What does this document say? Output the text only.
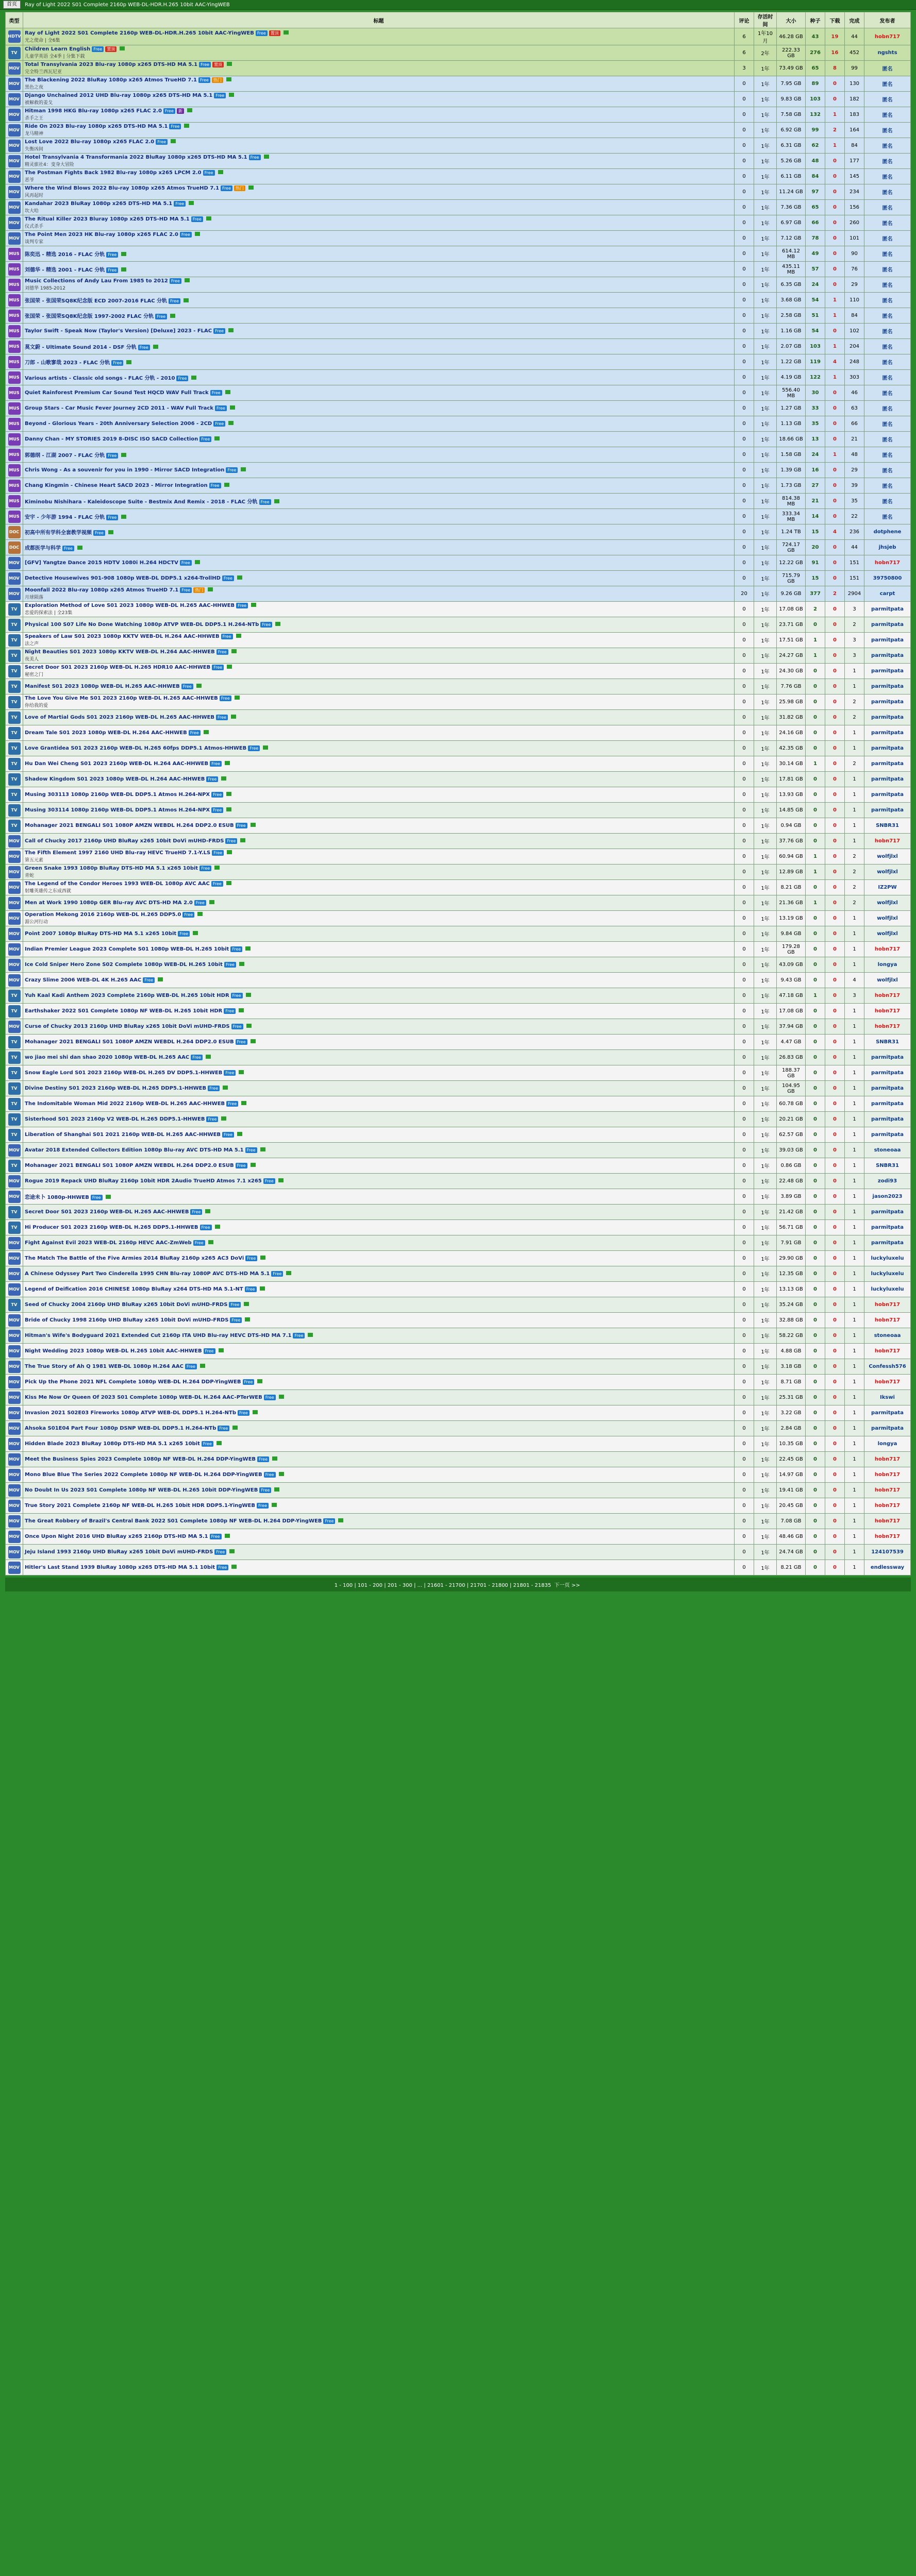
首页	Ray of Light 2022 S01 Complete 2160p WEB-DL-HDR.H.265 10bit AAC-YingWEB
类型	标题	评论	存活时间	大小	种子	下载	完成	发布者
HDTV	Ray of Light 2022 S01 Complete 2160p WEB-DL-HDR.H.265 10bit AAC-YingWEB Free 置顶
光之使命 | 全6集	6	1年10月	46.28 GB	43	19	44	hobn717
TV	Children Learn English Free 置顶
儿童学英语 全4季 | 分集下载	6	2年	222.33 GB	276	16	452	ngshts
MOV	Total Transylvania 2023 Blu-ray 1080p x265 DTS-HD MA 5.1 Free 置顶
完全特兰西瓦尼亚	3	1年	73.49 GB	65	8	99	匿名
MOV	The Blackening 2022 BluRay 1080p x265 Atmos TrueHD 7.1 Free 热门
黑色之夜	0	1年	7.95 GB	89	0	130	匿名
MOV	Django Unchained 2012 UHD Blu-ray 1080p x265 DTS-HD MA 5.1 Free
被解救的姜戈	0	1年	9.83 GB	103	0	182	匿名
MOV	Hitman 1998 HKG Blu-ray 1080p x265 FLAC 2.0 Free 新
杀手之王	0	1年	7.58 GB	132	1	183	匿名
MOV	Ride On 2023 Blu-ray 1080p x265 DTS-HD MA 5.1 Free
龙马精神	0	1年	6.92 GB	99	2	164	匿名
MOV	Lost Love 2022 Blu-ray 1080p x265 FLAC 2.0 Free
失衡凶间	0	1年	6.31 GB	62	1	84	匿名
MOV	Hotel Transylvania 4 Transformania 2022 BluRay 1080p x265 DTS-HD MA 5.1 Free
精灵旅社4：变身大冒险	0	1年	5.26 GB	48	0	177	匿名
MOV	The Postman Fights Back 1982 Blu-ray 1080p x265 LPCM 2.0 Free
恶爷	0	1年	6.11 GB	84	0	145	匿名
MOV	Where the Wind Blows 2022 Blu-ray 1080p x265 Atmos TrueHD 7.1 Free 热门
风再起时	0	1年	11.24 GB	97	0	234	匿名
MOV	Kandahar 2023 BluRay 1080p x265 DTS-HD MA 5.1 Free
坎大哈	0	1年	7.36 GB	65	0	156	匿名
MOV	The Ritual Killer 2023 Bluray 1080p x265 DTS-HD MA 5.1 Free
仪式杀手	0	1年	6.97 GB	66	0	260	匿名
MOV	The Point Men 2023 HK Blu-ray 1080p x265 FLAC 2.0 Free
谈判专家	0	1年	7.12 GB	78	0	101	匿名
MUS	陈奕迅 - 精选 2016 - FLAC 分轨 Free	0	1年	614.12 MB	49	0	90	匿名
MUS	刘德华 - 精选 2001 - FLAC 分轨 Free	0	1年	435.11 MB	57	0	76	匿名
MUS	Music Collections of Andy Lau From 1985 to 2012 Free
刘德华 1985-2012	0	1年	6.35 GB	24	0	29	匿名
MUS	张国荣 - 张国荣SQ8K纪念版 ECD 2007-2016 FLAC 分轨 Free	0	1年	3.68 GB	54	1	110	匿名
MUS	张国荣 - 张国荣SQ8K纪念版 1997-2002 FLAC 分轨 Free	0	1年	2.58 GB	51	1	84	匿名
MUS	Taylor Swift - Speak Now (Taylor's Version) [Deluxe] 2023 - FLAC Free	0	1年	1.16 GB	54	0	102	匿名
MUS	莫文蔚 - Ultimate Sound 2014 - DSF 分轨 Free	0	1年	2.07 GB	103	1	204	匿名
MUS	刀郎 - 山歌寥哉 2023 - FLAC 分轨 Free	0	1年	1.22 GB	119	4	248	匿名
MUS	Various artists - Classic old songs - FLAC 分轨 - 2010 Free	0	1年	4.19 GB	122	1	303	匿名
MUS	Quiet Rainforest Premium Car Sound Test HQCD WAV Full Track Free	0	1年	556.40 MB	30	0	46	匿名
MUS	Group Stars - Car Music Fever Journey 2CD 2011 - WAV Full Track Free	0	1年	1.27 GB	33	0	63	匿名
MUS	Beyond - Glorious Years - 20th Anniversary Selection 2006 - 2CD Free	0	1年	1.13 GB	35	0	66	匿名
MUS	Danny Chan - MY STORIES 2019 8-DISC ISO SACD Collection Free	0	1年	18.66 GB	13	0	21	匿名
MUS	郭德纲 - 江湖 2007 - FLAC 分轨 Free	0	1年	1.58 GB	24	1	48	匿名
MUS	Chris Wong - As a souvenir for you in 1990 - Mirror SACD Integration Free	0	1年	1.39 GB	16	0	29	匿名
MUS	Chang Kingmin - Chinese Heart SACD 2023 - Mirror Integration Free	0	1年	1.73 GB	27	0	39	匿名
MUS	Kiminobu Nishihara - Kaleidoscope Suite - Bestmix And Remix - 2018 - FLAC 分轨 Free	0	1年	814.38 MB	21	0	35	匿名
MUS	安宇 - 少年游 1994 - FLAC 分轨 Free	0	1年	333.34 MB	14	0	22	匿名
DOC	初高中所有学科全套教学视频 Free	0	1年	1.24 TB	15	4	236	dotphene
DOC	成都医学与科学 Free	0	1年	724.17 GB	20	0	44	jhsjeb
MOV	[GFV] Yangtze Dance 2015 HDTV 1080i H.264 HDCTV Free	0	1年	12.22 GB	91	0	151	hobn717
MOV	Detective Housewives 901-908 1080p WEB-DL DDP5.1 x264-TrollHD Free	0	1年	715.79 GB	15	0	151	39750800
MOV	Moonfall 2022 Blu-ray 1080p x265 Atmos TrueHD 7.1 Free 热门
月球陨落	20	1年	9.26 GB	377	2	2904	carpt
TV	Exploration Method of Love S01 2023 1080p WEB-DL H.265 AAC-HHWEB Free
恋爱的探索法 | 全23集	0	1年	17.08 GB	2	0	3	parmitpata
TV	Physical 100 S07 Life No Done Watching 1080p ATVP WEB-DL DDP5.1 H.264-NTb Free	0	1年	23.71 GB	0	0	2	parmitpata
TV	Speakers of Law S01 2023 1080p KKTV WEB-DL H.264 AAC-HHWEB Free
法之声	0	1年	17.51 GB	1	0	3	parmitpata
TV	Night Beauties S01 2023 1080p KKTV WEB-DL H.264 AAC-HHWEB Free
夜美人	0	1年	24.27 GB	1	0	3	parmitpata
TV	Secret Door S01 2023 2160p WEB-DL H.265 HDR10 AAC-HHWEB Free
秘密之门	0	1年	24.30 GB	0	0	1	parmitpata
TV	Manifest S01 2023 1080p WEB-DL H.265 AAC-HHWEB Free	0	1年	7.76 GB	0	0	1	parmitpata
TV	The Love You Give Me S01 2023 2160p WEB-DL H.265 AAC-HHWEB Free
你给我的爱	0	1年	25.98 GB	0	0	2	parmitpata
TV	Love of Martial Gods S01 2023 2160p WEB-DL H.265 AAC-HHWEB Free	0	1年	31.82 GB	0	0	2	parmitpata
TV	Dream Tale S01 2023 1080p WEB-DL H.264 AAC-HHWEB Free	0	1年	24.16 GB	0	0	1	parmitpata
TV	Love Grantidea S01 2023 2160p WEB-DL H.265 60fps DDP5.1 Atmos-HHWEB Free	0	1年	42.35 GB	0	0	1	parmitpata
TV	Hu Dan Wei Cheng S01 2023 2160p WEB-DL H.264 AAC-HHWEB Free	0	1年	30.14 GB	1	0	2	parmitpata
TV	Shadow Kingdom S01 2023 1080p WEB-DL H.264 AAC-HHWEB Free	0	1年	17.81 GB	0	0	1	parmitpata
TV	Musing 303113 1080p 2160p WEB-DL DDP5.1 Atmos H.264-NPX Free	0	1年	13.93 GB	0	0	1	parmitpata
TV	Musing 303114 1080p 2160p WEB-DL DDP5.1 Atmos H.264-NPX Free	0	1年	14.85 GB	0	0	1	parmitpata
TV	Mohanager 2021 BENGALI S01 1080P AMZN WEBDL H.264 DDP2.0 ESUB Free	0	1年	0.94 GB	0	0	1	SNBR31
MOV	Call of Chucky 2017 2160p UHD BluRay x265 10bit DoVi mUHD-FRDS Free	0	1年	37.76 GB	0	0	1	hobn717
MOV	The Fifth Element 1997 2160 UHD Blu-ray HEVC TrueHD 7.1-Y.LS Free
第五元素	0	1年	60.94 GB	1	0	2	wolfjlxl
MOV	Green Snake 1993 1080p BluRay DTS-HD MA 5.1 x265 10bit Free
青蛇	0	1年	12.89 GB	1	0	2	wolfjlxl
MOV	The Legend of the Condor Heroes 1993 WEB-DL 1080p AVC AAC Free
射雕英雄传之东成西就	0	1年	8.21 GB	0	0	2	IZ2PW
MOV	Men at Work 1990 1080p GER Blu-ray AVC DTS-HD MA 2.0 Free	0	1年	21.36 GB	1	0	2	wolfjlxl
MOV	Operation Mekong 2016 2160p WEB-DL H.265 DDP5.0 Free
湄公河行动	0	1年	13.19 GB	0	0	1	wolfjlxl
MOV	Point 2007 1080p BluRay DTS-HD MA 5.1 x265 10bit Free	0	1年	9.84 GB	0	0	1	wolfjlxl
MOV	Indian Premier League 2023 Complete S01 1080p WEB-DL H.265 10bit Free	0	1年	179.28 GB	0	0	1	hobn717
MOV	Ice Cold Sniper Hero Zone S02 Complete 1080p WEB-DL H.265 10bit Free	0	1年	43.09 GB	0	0	1	longya
MOV	Crazy Slime 2006 WEB-DL 4K H.265 AAC Free	0	1年	9.43 GB	0	0	4	wolfjlxl
TV	Yuh Kaal Kadi Anthem 2023 Complete 2160p WEB-DL H.265 10bit HDR Free	0	1年	47.18 GB	1	0	3	hobn717
TV	Earthshaker 2022 S01 Complete 1080p NF WEB-DL H.265 10bit HDR Free	0	1年	17.08 GB	0	0	1	hobn717
MOV	Curse of Chucky 2013 2160p UHD BluRay x265 10bit DoVi mUHD-FRDS Free	0	1年	37.94 GB	0	0	1	hobn717
TV	Mohanager 2021 BENGALI S01 1080P AMZN WEBDL H.264 DDP2.0 ESUB Free	0	1年	4.47 GB	0	0	1	SNBR31
TV	wo jiao mei shi dan shao 2020 1080p WEB-DL H.265 AAC Free	0	1年	26.83 GB	0	0	1	parmitpata
TV	Snow Eagle Lord S01 2023 2160p WEB-DL H.265 DV DDP5.1-HHWEB Free	0	1年	188.37 GB	0	0	1	parmitpata
TV	Divine Destiny S01 2023 2160p WEB-DL H.265 DDP5.1-HHWEB Free	0	1年	104.95 GB	0	0	1	parmitpata
TV	The Indomitable Woman Mid 2022 2160p WEB-DL H.265 AAC-HHWEB Free	0	1年	60.78 GB	0	0	1	parmitpata
TV	Sisterhood S01 2023 2160p V2 WEB-DL H.265 DDP5.1-HHWEB Free	0	1年	20.21 GB	0	0	1	parmitpata
TV	Liberation of Shanghai S01 2021 2160p WEB-DL H.265 AAC-HHWEB Free	0	1年	62.57 GB	0	0	1	parmitpata
MOV	Avatar 2018 Extended Collectors Edition 1080p Blu-ray AVC DTS-HD MA 5.1 Free	0	1年	39.03 GB	0	0	1	stoneoaa
TV	Mohanager 2021 BENGALI S01 1080P AMZN WEBDL H.264 DDP2.0 ESUB Free	0	1年	0.86 GB	0	0	1	SNBR31
MOV	Rogue 2019 Repack UHD BluRay 2160p 10bit HDR 2Audio TrueHD Atmos 7.1 x265 Free	0	1年	22.48 GB	0	0	1	zodi93
MOV	恋途未卜 1080p-HHWEB Free	0	1年	3.89 GB	0	0	1	jason2023
TV	Secret Door S01 2023 2160p WEB-DL H.265 AAC-HHWEB Free	0	1年	21.42 GB	0	0	1	parmitpata
TV	Hi Producer S01 2023 2160p WEB-DL H.265 DDP5.1-HHWEB Free	0	1年	56.71 GB	0	0	1	parmitpata
MOV	Fight Against Evil 2023 WEB-DL 2160p HEVC AAC-ZmWeb Free	0	1年	7.91 GB	0	0	1	parmitpata
MOV	The Match The Battle of the Five Armies 2014 BluRay 2160p x265 AC3 DoVi Free	0	1年	29.90 GB	0	0	1	luckyluxelu
MOV	A Chinese Odyssey Part Two Cinderella 1995 CHN Blu-ray 1080P AVC DTS-HD MA 5.1 Free	0	1年	12.35 GB	0	0	1	luckyluxelu
MOV	Legend of Deification 2016 CHINESE 1080p BluRay x264 DTS-HD MA 5.1-NT Free	0	1年	13.13 GB	0	0	1	luckyluxelu
TV	Seed of Chucky 2004 2160p UHD BluRay x265 10bit DoVi mUHD-FRDS Free	0	1年	35.24 GB	0	0	1	hobn717
MOV	Bride of Chucky 1998 2160p UHD BluRay x265 10bit DoVi mUHD-FRDS Free	0	1年	32.88 GB	0	0	1	hobn717
MOV	Hitman's Wife's Bodyguard 2021 Extended Cut 2160p ITA UHD Blu-ray HEVC DTS-HD MA 7.1 Free	0	1年	58.22 GB	0	0	1	stoneoaa
MOV	Night Wedding 2023 1080p WEB-DL H.265 10bit AAC-HHWEB Free	0	1年	4.88 GB	0	0	1	hobn717
MOV	The True Story of Ah Q 1981 WEB-DL 1080p H.264 AAC Free	0	1年	3.18 GB	0	0	1	Confessh576
MOV	Pick Up the Phone 2021 NFL Complete 1080p WEB-DL H.264 DDP-YingWEB Free	0	1年	8.71 GB	0	0	1	hobn717
MOV	Kiss Me Now Or Queen Of 2023 S01 Complete 1080p WEB-DL H.264 AAC-PTerWEB Free	0	1年	25.31 GB	0	0	1	Ikswi
MOV	Invasion 2021 S02E03 Fireworks 1080p ATVP WEB-DL DDP5.1 H.264-NTb Free	0	1年	3.22 GB	0	0	1	parmitpata
MOV	Ahsoka S01E04 Part Four 1080p DSNP WEB-DL DDP5.1 H.264-NTb Free	0	1年	2.84 GB	0	0	1	parmitpata
MOV	Hidden Blade 2023 BluRay 1080p DTS-HD MA 5.1 x265 10bit Free	0	1年	10.35 GB	0	0	1	longya
MOV	Meet the Business Spies 2023 Complete 1080p NF WEB-DL H.264 DDP-YingWEB Free	0	1年	22.45 GB	0	0	1	hobn717
MOV	Mono Blue Blue The Series 2022 Complete 1080p NF WEB-DL H.264 DDP-YingWEB Free	0	1年	14.97 GB	0	0	1	hobn717
MOV	No Doubt In Us 2023 S01 Complete 1080p NF WEB-DL H.265 10bit DDP-YingWEB Free	0	1年	19.41 GB	0	0	1	hobn717
MOV	True Story 2021 Complete 2160p NF WEB-DL H.265 10bit HDR DDP5.1-YingWEB Free	0	1年	20.45 GB	0	0	1	hobn717
MOV	The Great Robbery of Brazil's Central Bank 2022 S01 Complete 1080p NF WEB-DL H.264 DDP-YingWEB Free	0	1年	7.08 GB	0	0	1	hobn717
MOV	Once Upon Night 2016 UHD BluRay x265 2160p DTS-HD MA 5.1 Free	0	1年	48.46 GB	0	0	1	hobn717
MOV	Jeju Island 1993 2160p UHD BluRay x265 10bit DoVi mUHD-FRDS Free	0	1年	24.74 GB	0	0	1	124107539
MOV	Hitler's Last Stand 1939 BluRay 1080p x265 DTS-HD MA 5.1 10bit Free	0	1年	8.21 GB	0	0	1	endlessway
1 - 100 | 101 - 200 | 201 - 300 | ... | 21601 - 21700 | 21701 - 21800 | 21801 - 21835 下一页 >>
